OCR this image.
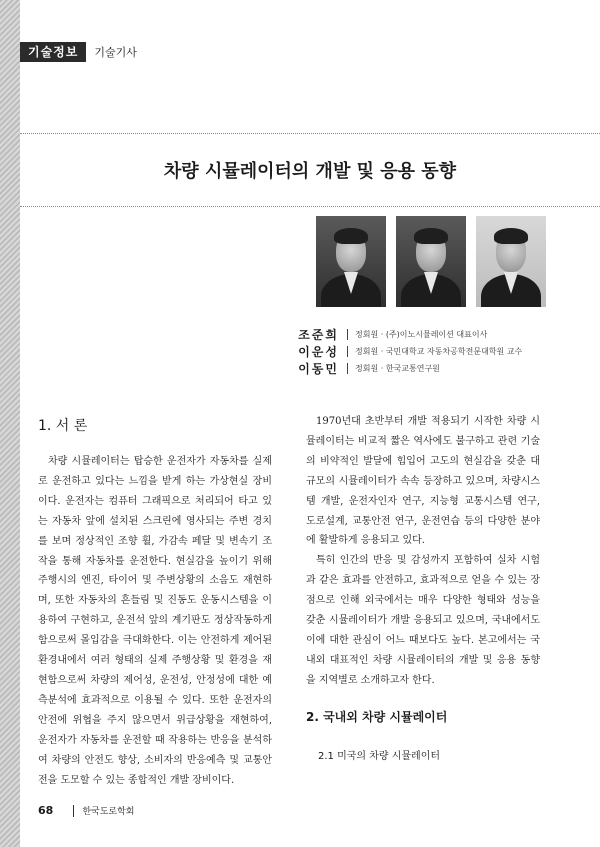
기술정보	기술기사
차량 시뮬레이터의 개발 및 응용 동향
조준희 정회원 · (주)이노시뮬레이션 대표이사
이운성 정회원 · 국민대학교 자동차공학전문대학원 교수
이동민 정회원 · 한국교통연구원
1. 서 론

차량 시뮬레이터는 탑승한 운전자가 자동차를 실제로 운전하고 있다는 느낌을 받게 하는 가상현실 장비이다. 운전자는 컴퓨터 그래픽으로 처리되어 타고 있는 자동차 앞에 설치된 스크린에 영사되는 주변 경치를 보며 정상적인 조향 휠, 가감속 페달 및 변속기 조작을 통해 자동차를 운전한다. 현실감을 높이기 위해 주행시의 엔진, 타이어 및 주변상황의 소음도 재현하며, 또한 자동차의 흔들림 및 진동도 운동시스템을 이용하여 구현하고, 운전석 앞의 계기판도 정상작동하게 함으로써 몰입감을 극대화한다. 이는 안전하게 제어된 환경내에서 여러 형태의 실제 주행상황 및 환경을 재현함으로써 차량의 제어성, 운전성, 안정성에 대한 예측분석에 효과적으로 이용될 수 있다. 또한 운전자의 안전에 위협을 주지 않으면서 위급상황을 재현하여, 운전자가 자동차를 운전할 때 작용하는 반응을 분석하여 차량의 안전도 향상, 소비자의 반응예측 및 교통안전을 도모할 수 있는 종합적인 개발 장비이다.

1970년대 초반부터 개발 적용되기 시작한 차량 시뮬레이터는 비교적 짧은 역사에도 불구하고 관련 기술의 비약적인 발달에 힙입어 고도의 현실감을 갖춘 대규모의 시뮬레이터가 속속 등장하고 있으며, 차량시스템 개발, 운전자인자 연구, 지능형 교통시스템 연구, 도로설계, 교통안전 연구, 운전연습 등의 다양한 분야에 활발하게 응용되고 있다.

특히 인간의 반응 및 감성까지 포함하여 실차 시험과 같은 효과를 안전하고, 효과적으로 얻을 수 있는 장점으로 인해 외국에서는 매우 다양한 형태와 성능을 갖춘 시뮬레이터가 개발 응용되고 있으며, 국내에서도 이에 대한 관심이 어느 때보다도 높다. 본고에서는 국내외 대표적인 차량 시뮬레이터의 개발 및 응용 동향을 지역별로 소개하고자 한다.

2. 국내외 차량 시뮬레이터
2.1 미국의 차량 시뮬레이터
68	한국도로학회
